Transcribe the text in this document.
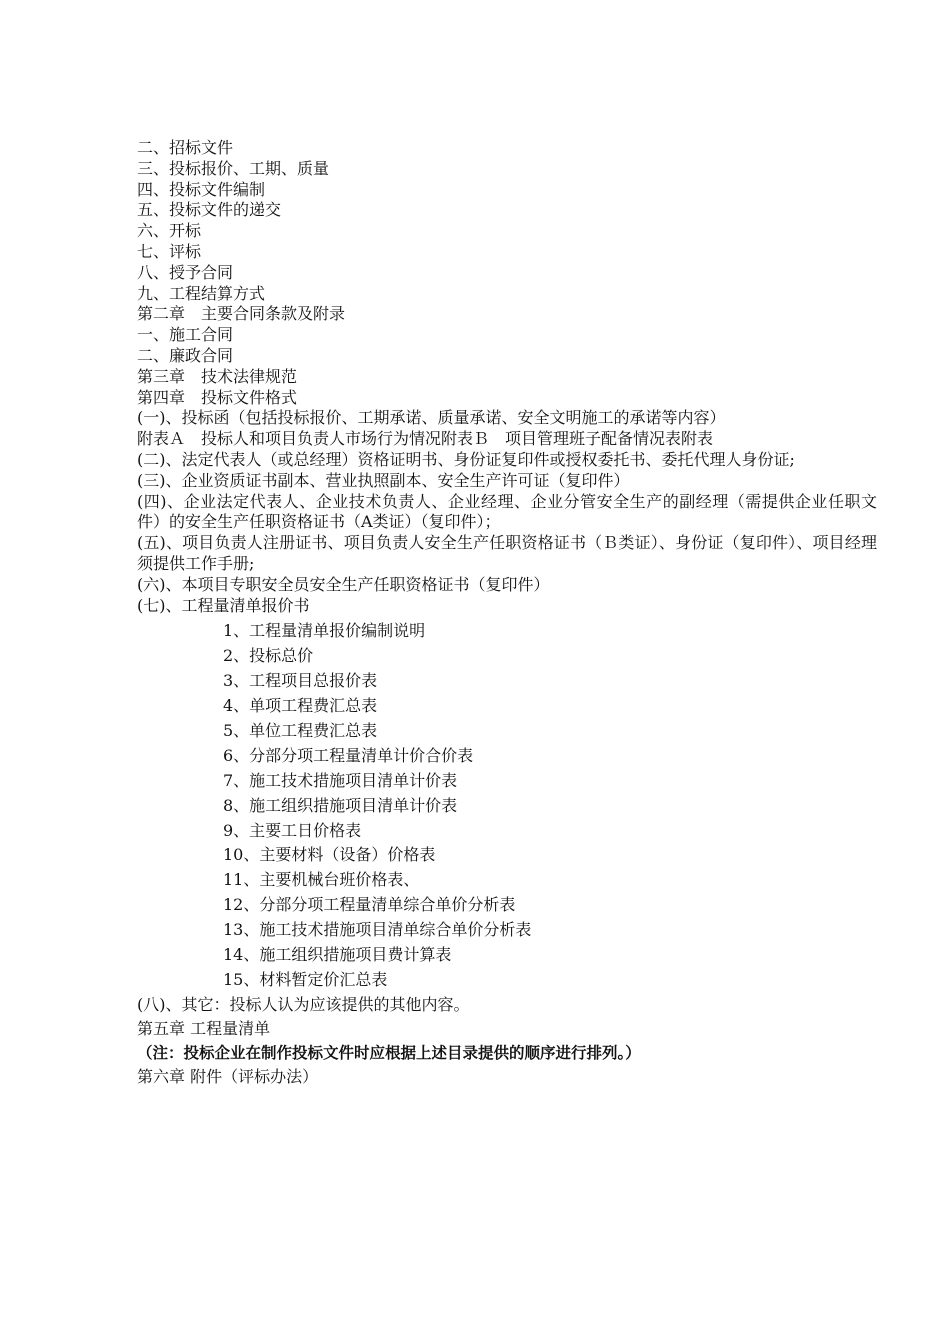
二、招标文件
三、投标报价、工期、质量
四、投标文件编制
五、投标文件的递交
六、开标
七、评标
八、授予合同
九、工程结算方式
第二章　主要合同条款及附录
一、施工合同
二、廉政合同
第三章　技术法律规范
第四章　投标文件格式
(一)、投标函（包括投标报价、工期承诺、质量承诺、安全文明施工的承诺等内容）
附表Ａ　投标人和项目负责人市场行为情况附表Ｂ　项目管理班子配备情况表附表
(二)、法定代表人（或总经理）资格证明书、身份证复印件或授权委托书、委托代理人身份证;
(三)、企业资质证书副本、营业执照副本、安全生产许可证（复印件）
(四)、企业法定代表人、企业技术负责人、企业经理、企业分管安全生产的副经理（需提供企业任职文件）的安全生产任职资格证书（A类证）（复印件）；
(五)、项目负责人注册证书、项目负责人安全生产任职资格证书（Ｂ类证）、身份证（复印件）、项目经理须提供工作手册;
(六)、本项目专职安全员安全生产任职资格证书（复印件）
(七)、工程量清单报价书
1、工程量清单报价编制说明
2、投标总价
3、工程项目总报价表
4、单项工程费汇总表
5、单位工程费汇总表
6、分部分项工程量清单计价合价表
7、施工技术措施项目清单计价表
8、施工组织措施项目清单计价表
9、主要工日价格表
10、主要材料（设备）价格表
11、主要机械台班价格表、
12、分部分项工程量清单综合单价分析表
13、施工技术措施项目清单综合单价分析表
14、施工组织措施项目费计算表
15、材料暂定价汇总表
(八)、其它：投标人认为应该提供的其他内容。
第五章 工程量清单
（注：投标企业在制作投标文件时应根据上述目录提供的顺序进行排列。）
第六章 附件（评标办法）
